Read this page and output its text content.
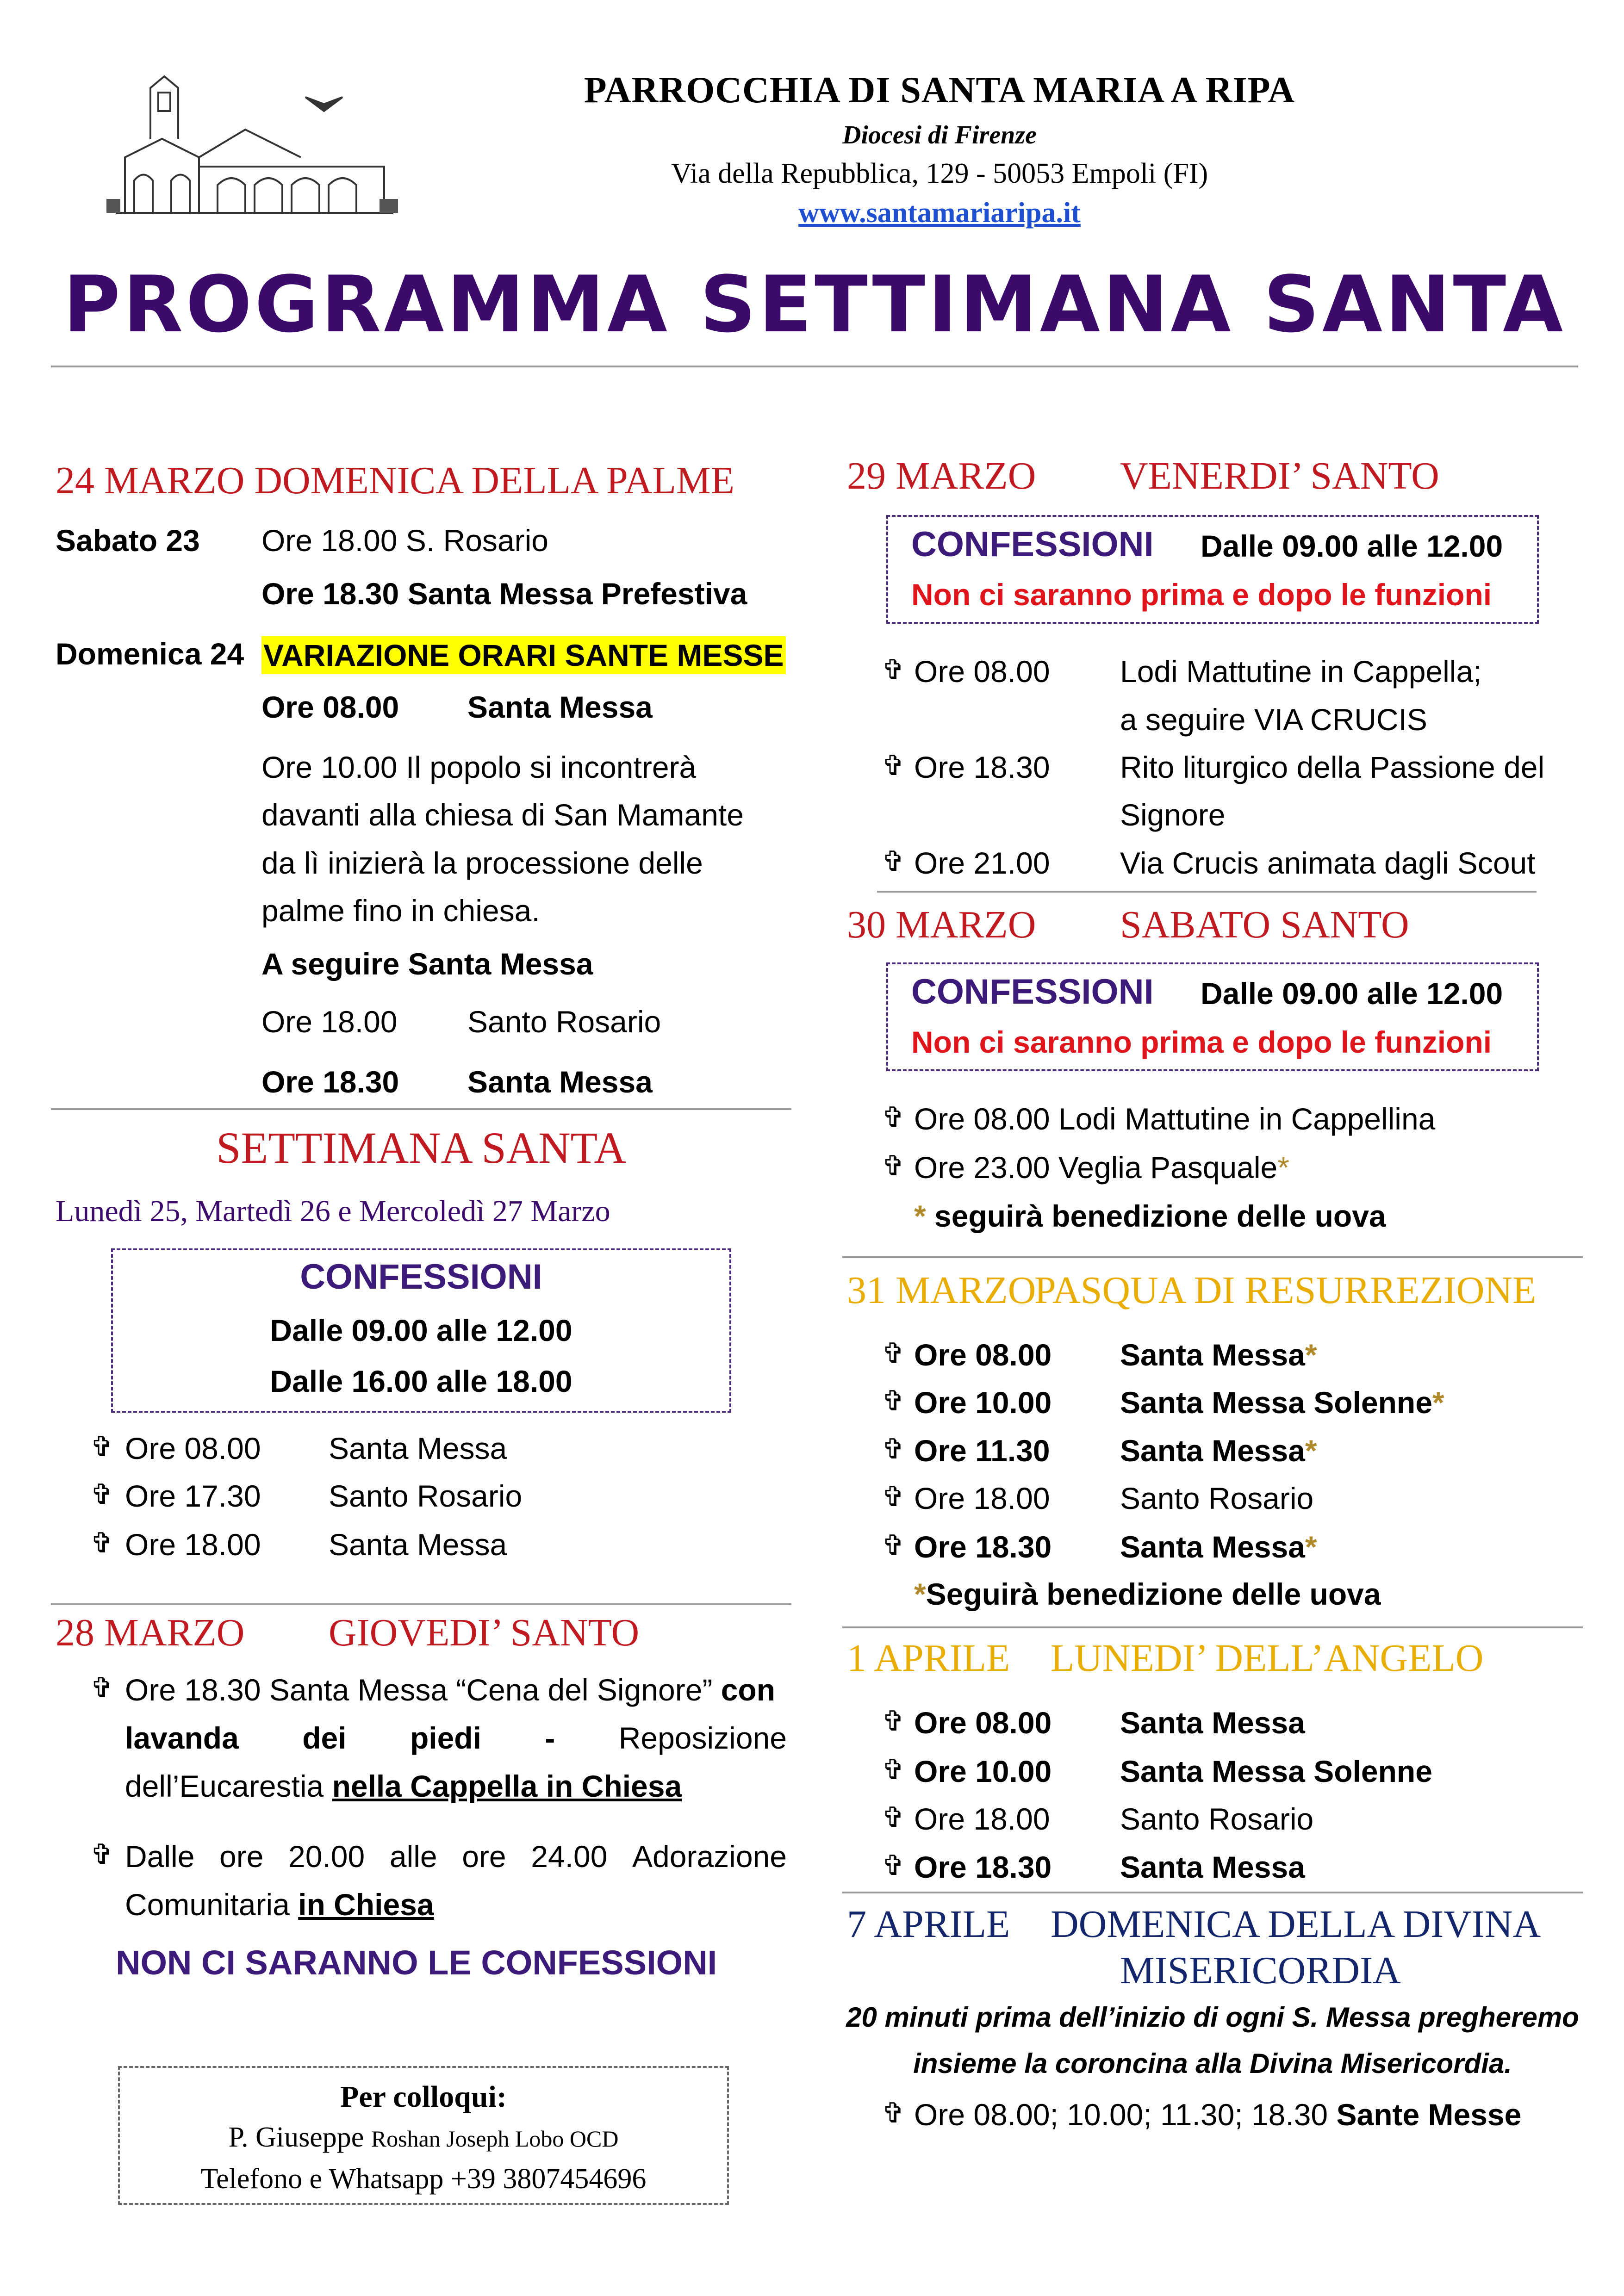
PARROCCHIA DI SANTA MARIA A RIPA
Diocesi di Firenze
Via della Repubblica, 129 - 50053 Empoli (FI)
www.santamariaripa.it
PROGRAMMA SETTIMANA SANTA
24 MARZO DOMENICA DELLA PALME
Sabato 23 Ore 18.00 S. Rosario
Ore 18.30 Santa Messa Prefestiva
Domenica 24 VARIAZIONE ORARI SANTE MESSE
Ore 08.00 Santa Messa
Ore 10.00 Il popolo si incontrerà
davanti alla chiesa di San Mamante
da lì inizierà la processione delle
palme fino in chiesa.
A seguire Santa Messa
Ore 18.00 Santo Rosario
Ore 18.30 Santa Messa
SETTIMANA SANTA
Lunedì 25, Martedì 26 e Mercoledì 27 Marzo
CONFESSIONI
Dalle 09.00 alle 12.00
Dalle 16.00 alle 18.00
✞ Ore 08.00 Santa Messa
✞ Ore 17.30 Santo Rosario
✞ Ore 18.00 Santa Messa
28 MARZO GIOVEDI’ SANTO
✞ Ore 18.30 Santa Messa “Cena del Signore” con

lavanda dei piedi - Reposizione
dell’Eucarestia nella Cappella in Chiesa
✞ Dalle ore 20.00 alle ore 24.00 Adorazione
Comunitaria in Chiesa
NON CI SARANNO LE CONFESSIONI
Per colloqui:
P. Giuseppe Roshan Joseph Lobo OCD
Telefono e Whatsapp +39 3807454696
29 MARZO VENERDI’ SANTO
CONFESSIONI Dalle 09.00 alle 12.00
Non ci saranno prima e dopo le funzioni
✞ Ore 08.00 Lodi Mattutine in Cappella;
a seguire VIA CRUCIS
✞ Ore 18.30 Rito liturgico della Passione del
Signore
✞ Ore 21.00 Via Crucis animata dagli Scout
30 MARZO SABATO SANTO
CONFESSIONI Dalle 09.00 alle 12.00
Non ci saranno prima e dopo le funzioni
✞ Ore 08.00 Lodi Mattutine in Cappellina
✞ Ore 23.00 Veglia Pasquale*
* seguirà benedizione delle uova
31 MARZO
PASQUA DI RESURREZIONE
✞ Ore 08.00 Santa Messa*
✞ Ore 10.00 Santa Messa Solenne*
✞ Ore 11.30 Santa Messa*
✞ Ore 18.00 Santo Rosario
✞ Ore 18.30 Santa Messa*
*Seguirà benedizione delle uova
1 APRILE LUNEDI’ DELL’ANGELO
✞ Ore 08.00 Santa Messa
✞ Ore 10.00 Santa Messa Solenne
✞ Ore 18.00 Santo Rosario
✞ Ore 18.30 Santa Messa
7 APRILE DOMENICA DELLA DIVINA
MISERICORDIA
20 minuti prima dell’inizio di ogni S. Messa pregheremo
insieme la coroncina alla Divina Misericordia.
✞ Ore 08.00; 10.00; 11.30; 18.30 Sante Messe
